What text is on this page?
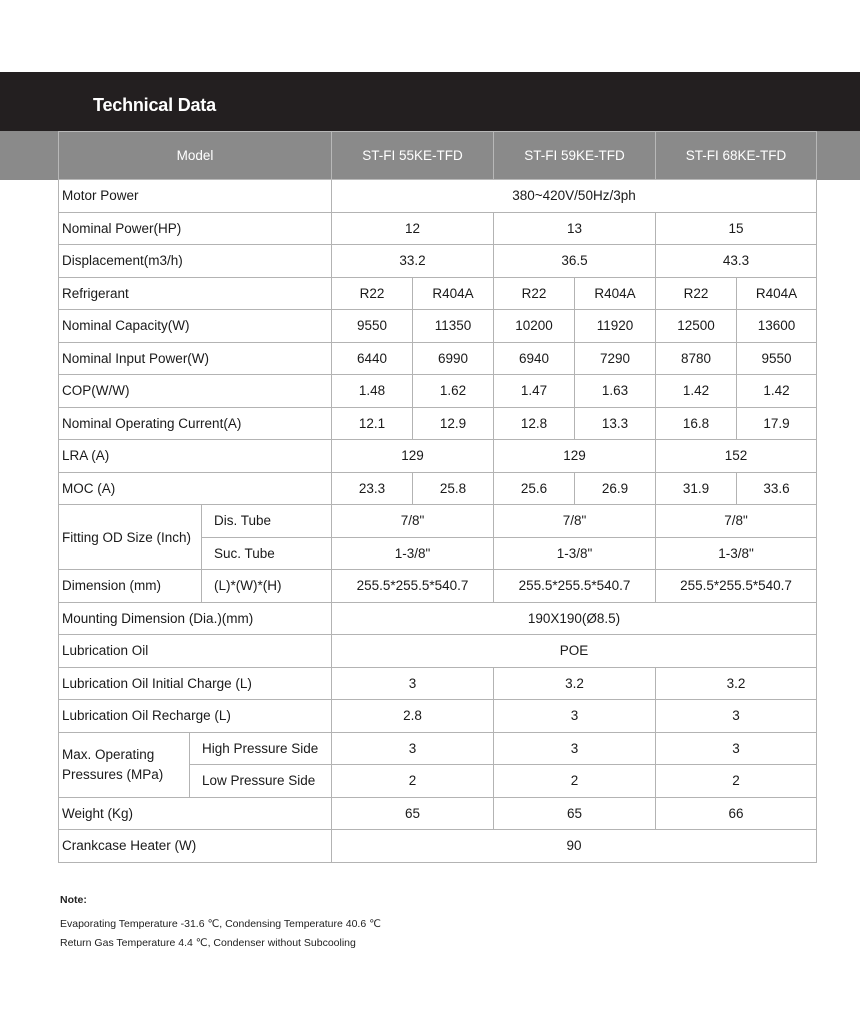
Technical Data
Model			ST-FI 55KE-TFD		ST-FI 59KE-TFD		ST-FI 68KE-TFD	
Motor Power			380~420V/50Hz/3ph					
Nominal Power(HP)			12		13		15	
Displacement(m3/h)			33.2		36.5		43.3	
Refrigerant			R22	R404A	R22	R404A	R22	R404A
Nominal Capacity(W)			9550	11350	10200	11920	12500	13600
Nominal Input Power(W)			6440	6990	6940	7290	8780	9550
COP(W/W)			1.48	1.62	1.47	1.63	1.42	1.42
Nominal Operating Current(A)			12.1	12.9	12.8	13.3	16.8	17.9
LRA (A)			129		129		152	
MOC (A)			23.3	25.8	25.6	26.9	31.9	33.6
Fitting OD Size (Inch)		Dis. Tube	7/8"		7/8"		7/8"	
		Suc. Tube	1-3/8"		1-3/8"		1-3/8"	
Dimension (mm)		(L)*(W)*(H)	255.5*255.5*540.7		255.5*255.5*540.7		255.5*255.5*540.7	
Mounting Dimension (Dia.)(mm)			190X190(Ø8.5)					
Lubrication Oil			POE					
Lubrication Oil Initial Charge (L)			3		3.2		3.2	
Lubrication Oil Recharge (L)			2.8		3		3	
Max. Operating
Pressures (MPa)	High Pressure Side		3		3		3	
	Low Pressure Side		2		2		2	
Weight (Kg)			65		65		66	
Crankcase Heater (W)			90					
Note:
Evaporating Temperature -31.6 ℃, Condensing Temperature 40.6 ℃
Return Gas Temperature 4.4 ℃, Condenser without Subcooling
